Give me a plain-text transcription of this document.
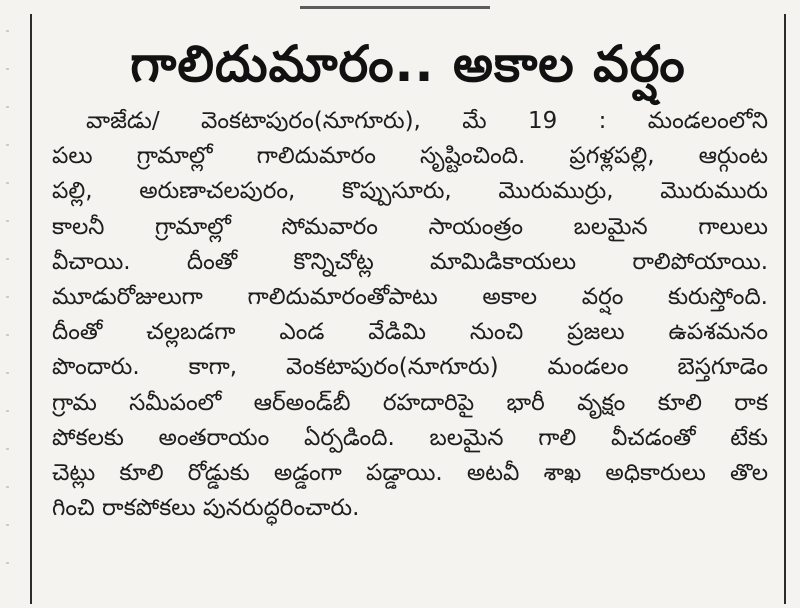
గాలిదుమారం.. అకాల వర్షం
వాజేడు/ వెంకటాపురం(నూగూరు), మే 19 : మండలంలోని
పలు గ్రామాల్లో గాలిదుమారం సృష్టించింది. ప్రగళ్లపల్లి, ఆర్గుంట
పల్లి, అరుణాచలపురం, కొప్పుసూరు, మొరుముర్రు, మొరుమురు
కాలనీ గ్రామాల్లో సోమవారం సాయంత్రం బలమైన గాలులు
వీచాయి. దీంతో కొన్నిచోట్ల మామిడికాయలు రాలిపోయాయి.
మూడురోజులుగా గాలిదుమారంతోపాటు అకాల వర్షం కురుస్తోంది.
దీంతో చల్లబడగా ఎండ వేడిమి నుంచి ప్రజలు ఉపశమనం
పొందారు. కాగా, వెంకటాపురం(నూగూరు) మండలం బెస్తగూడెం
గ్రామ సమీపంలో ఆర్అండ్‌బీ రహదారిపై భారీ వృక్షం కూలి రాక
పోకలకు అంతరాయం ఏర్పడింది. బలమైన గాలి వీచడంతో టేకు
చెట్లు కూలి రోడ్డుకు అడ్డంగా పడ్డాయి. అటవీ శాఖ అధికారులు తొల
గించి రాకపోకలు పునరుద్ధరించారు.
